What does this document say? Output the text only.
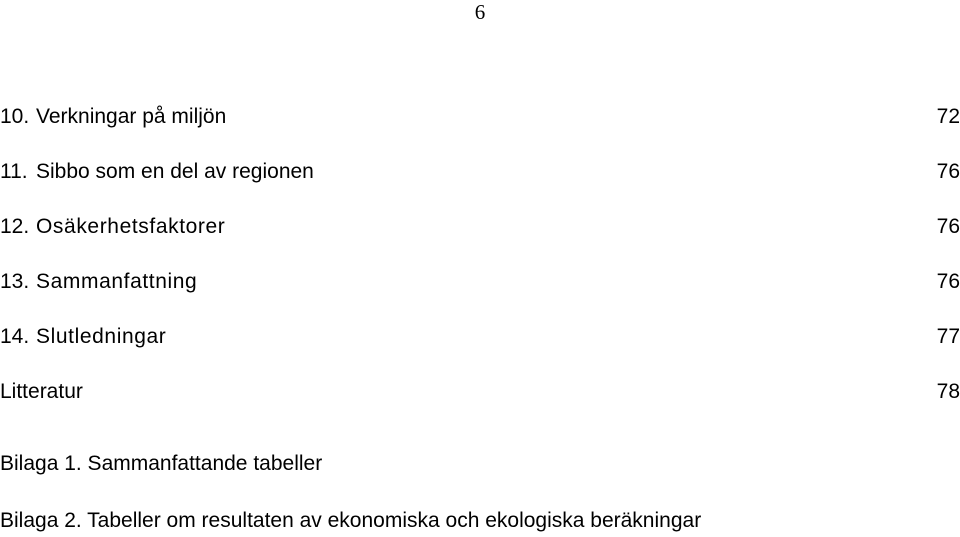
6
10. Verkningar på miljön	72
11. Sibbo som en del av regionen	76
12. Osäkerhetsfaktorer	76
13. Sammanfattning	76
14. Slutledningar	77
Litteratur	78
Bilaga 1. Sammanfattande tabeller
Bilaga 2. Tabeller om resultaten av ekonomiska och ekologiska beräkningar
